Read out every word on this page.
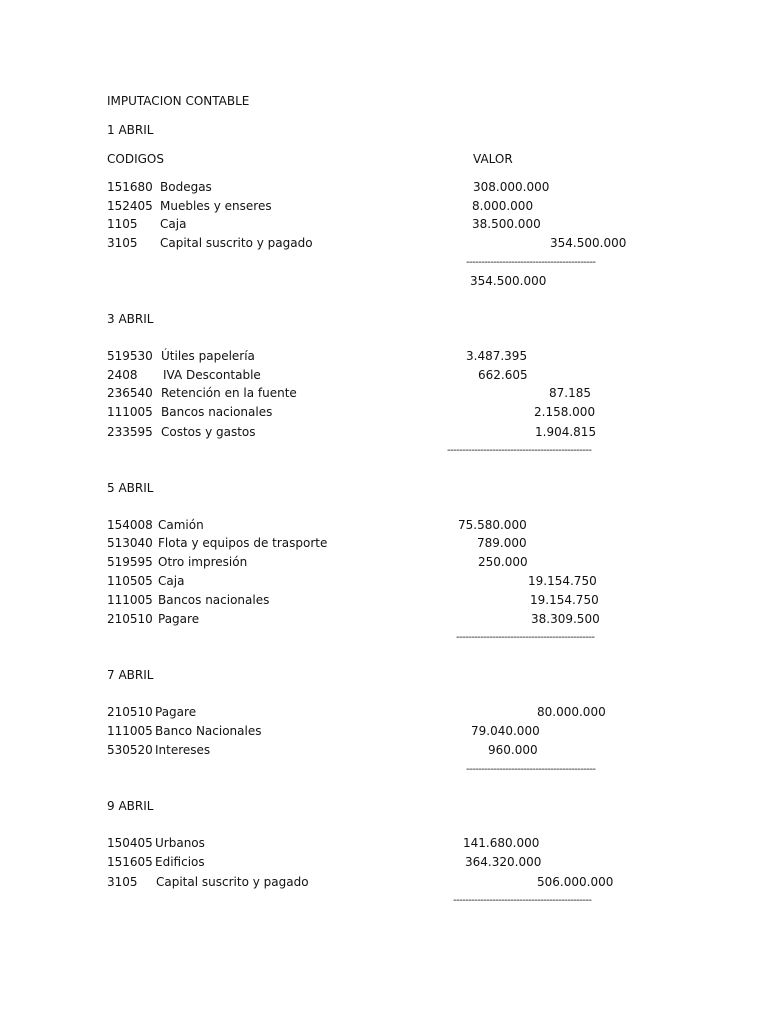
IMPUTACION CONTABLE
1 ABRIL
CODIGOS	VALOR
151680 Bodegas	308.000.000
152405 Muebles y enseres	8.000.000
1105 Caja	38.500.000
3105 Capital suscrito y pagado	354.500.000
-------------------------------------------
354.500.000
3 ABRIL
519530 Útiles papelería	3.487.395
2408 IVA Descontable	662.605
236540 Retención en la fuente	87.185
111005 Bancos nacionales	2.158.000
233595 Costos y gastos	1.904.815
------------------------------------------------
5 ABRIL
154008 Camión	75.580.000
513040 Flota y equipos de trasporte	789.000
519595 Otro impresión	250.000
110505 Caja	19.154.750
111005 Bancos nacionales	19.154.750
210510 Pagare	38.309.500
----------------------------------------------
7 ABRIL
210510 Pagare	80.000.000
111005 Banco Nacionales	79.040.000
530520 Intereses	960.000
-------------------------------------------
9 ABRIL
150405 Urbanos	141.680.000
151605 Edificios	364.320.000
3105 Capital suscrito y pagado	506.000.000
----------------------------------------------
